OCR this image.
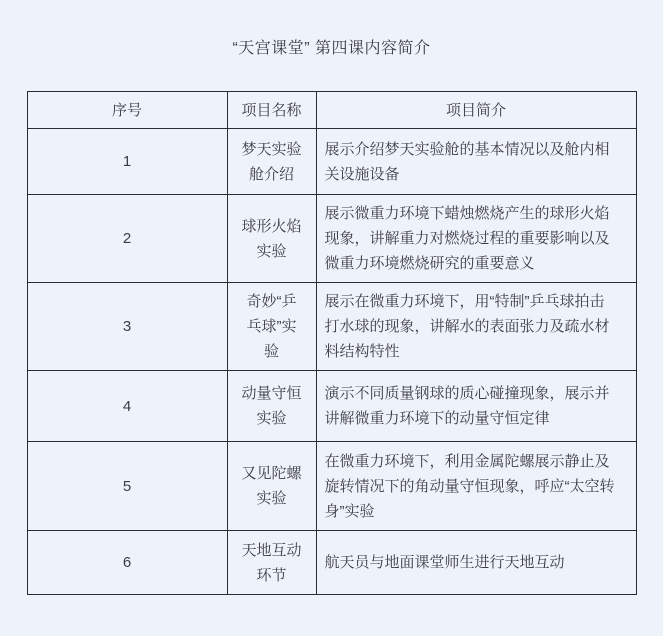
“天宫课堂” 第四课内容简介
序号	项目名称	项目简介
1	梦天实验舱介绍	展示介绍梦天实验舱的基本情况以及舱内相关设施设备
2	球形火焰实验	展示微重力环境下蜡烛燃烧产生的球形火焰现象，讲解重力对燃烧过程的重要影响以及微重力环境燃烧研究的重要意义
3	奇妙“乒乓球”实验	展示在微重力环境下，用“特制”乒乓球拍击打水球的现象，讲解水的表面张力及疏水材料结构特性
4	动量守恒实验	演示不同质量钢球的质心碰撞现象，展示并讲解微重力环境下的动量守恒定律
5	又见陀螺实验	在微重力环境下，利用金属陀螺展示静止及旋转情况下的角动量守恒现象，呼应“太空转身”实验
6	天地互动环节	航天员与地面课堂师生进行天地互动
